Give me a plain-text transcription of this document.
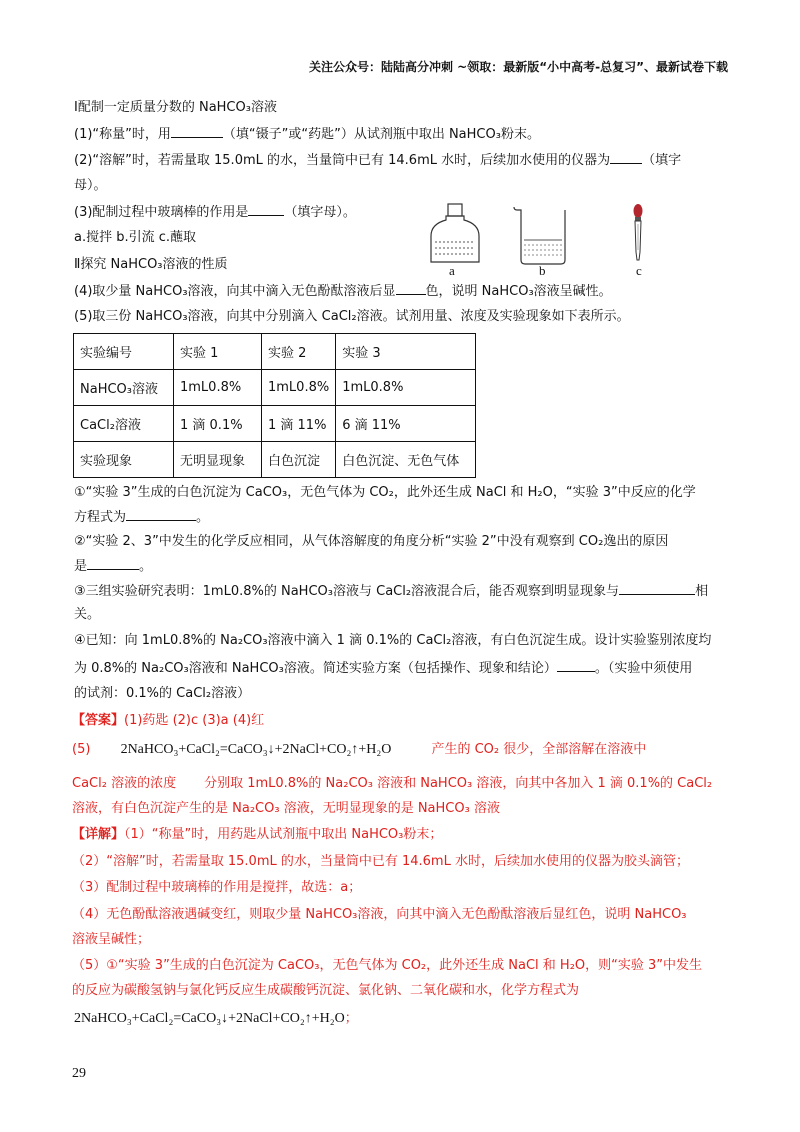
关注公众号：陆陆高分冲刺 ~领取：最新版“小中高考-总复习”、最新试卷下载
Ⅰ配制一定质量分数的 NaHCO₃溶液
(1)“称量”时，用	（填“镊子”或“药匙”）从试剂瓶中取出 NaHCO₃粉末。
(2)“溶解”时，若需量取 15.0mL 的水，当量筒中已有 14.6mL 水时，后续加水使用的仪器为 （填字
母）。
(3)配制过程中玻璃棒的作用是	（填字母）。
a.搅拌 b.引流 c.蘸取
Ⅱ探究 NaHCO₃溶液的性质	a	b	c
(4)取少量 NaHCO₃溶液，向其中滴入无色酚酞溶液后显 色，说明 NaHCO₃溶液呈碱性。
(5)取三份 NaHCO₃溶液，向其中分别滴入 CaCl₂溶液。试剂用量、浓度及实验现象如下表所示。
实验编号	实验 1	实验 2	实验 3
NaHCO₃溶液	1mL0.8%	1mL0.8%	1mL0.8%
CaCl₂溶液	1 滴 0.1%	1 滴 11%	6 滴 11%
实验现象	无明显现象	白色沉淀	白色沉淀、无色气体
①“实验 3”生成的白色沉淀为 CaCO₃，无色气体为 CO₂，此外还生成 NaCl 和 H₂O，“实验 3”中反应的化学
方程式为	。
②“实验 2、3”中发生的化学反应相同，从气体溶解度的角度分析“实验 2”中没有观察到 CO₂逸出的原因
是	。
③三组实验研究表明：1mL0.8%的 NaHCO₃溶液与 CaCl₂溶液混合后，能否观察到明显现象与	相
关。
④已知：向 1mL0.8%的 Na₂CO₃溶液中滴入 1 滴 0.1%的 CaCl₂溶液，有白色沉淀生成。设计实验鉴别浓度均
为 0.8%的 Na₂CO₃溶液和 NaHCO₃溶液。简述实验方案（包括操作、现象和结论）	。（实验中须使用
的试剂：0.1%的 CaCl₂溶液）
【答案】(1)药匙 (2)c (3)a (4)红
(5) 2NaHCO₃+CaCl₂=CaCO₃↓+2NaCl+CO₂↑+H₂O	产生的 CO₂ 很少，全部溶解在溶液中
CaCl₂ 溶液的浓度 分别取 1mL0.8%的 Na₂CO₃ 溶液和 NaHCO₃ 溶液，向其中各加入 1 滴 0.1%的 CaCl₂
溶液，有白色沉淀产生的是 Na₂CO₃ 溶液，无明显现象的是 NaHCO₃ 溶液
【详解】（1）“称量”时，用药匙从试剂瓶中取出 NaHCO₃粉末；
（2）“溶解”时，若需量取 15.0mL 的水，当量筒中已有 14.6mL 水时，后续加水使用的仪器为胶头滴管；
（3）配制过程中玻璃棒的作用是搅拌，故选：a；
（4）无色酚酞溶液遇碱变红，则取少量 NaHCO₃溶液，向其中滴入无色酚酞溶液后显红色，说明 NaHCO₃
溶液呈碱性；
（5）①“实验 3”生成的白色沉淀为 CaCO₃，无色气体为 CO₂，此外还生成 NaCl 和 H₂O，则“实验 3”中发生
的反应为碳酸氢钠与氯化钙反应生成碳酸钙沉淀、氯化钠、二氧化碳和水，化学方程式为
2NaHCO₃+CaCl₂=CaCO₃↓+2NaCl+CO₂↑+H₂O；
29
